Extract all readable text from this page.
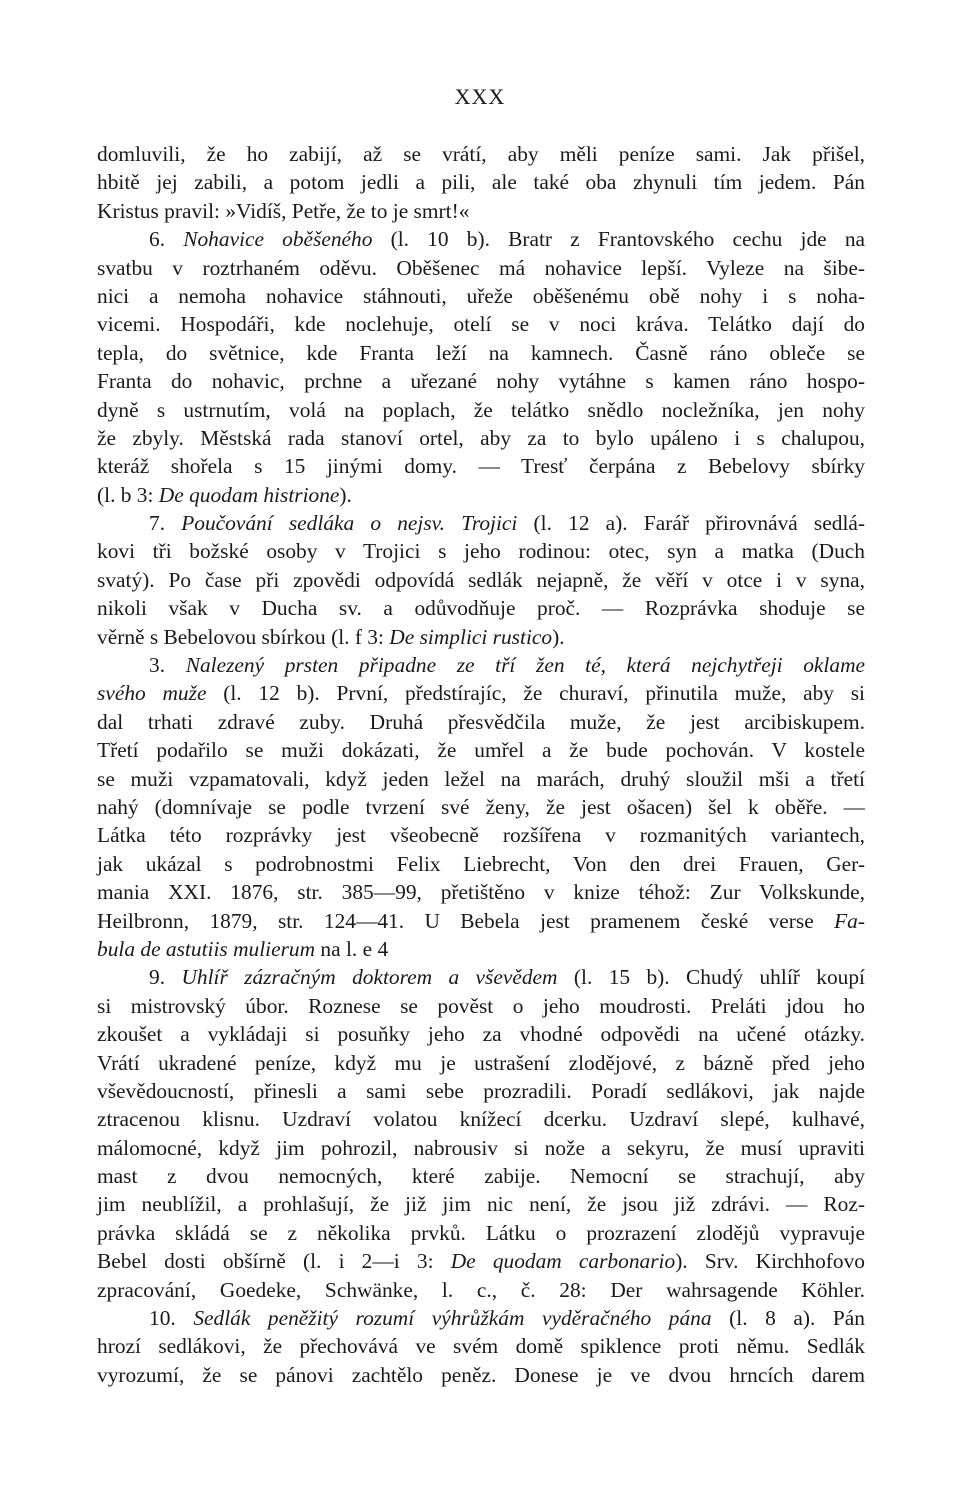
XXX
domluvili, že ho zabijí, až se vrátí, aby měli peníze sami. Jak přišel,
hbitě jej zabili, a potom jedli a pili, ale také oba zhynuli tím jedem. Pán
Kristus pravil: »Vidíš, Petře, že to je smrt!«
6. Nohavice oběšeného (l. 10 b). Bratr z Frantovského cechu jde na
svatbu v roztrhaném oděvu. Oběšenec má nohavice lepší. Vyleze na šibe-
nici a nemoha nohavice stáhnouti, uřeže oběšenému obě nohy i s noha-
vicemi. Hospodáři, kde noclehuje, otelí se v noci kráva. Telátko dají do
tepla, do světnice, kde Franta leží na kamnech. Časně ráno obleče se
Franta do nohavic, prchne a uřezané nohy vytáhne s kamen ráno hospo-
dyně s ustrnutím, volá na poplach, že telátko snědlo nocležníka, jen nohy
že zbyly. Městská rada stanoví ortel, aby za to bylo upáleno i s chalupou,
kteráž shořela s 15 jinými domy. — Tresť čerpána z Bebelovy sbírky
(l. b 3: De quodam histrione).
7. Poučování sedláka o nejsv. Trojici (l. 12 a). Farář přirovnává sedlá-
kovi tři božské osoby v Trojici s jeho rodinou: otec, syn a matka (Duch
svatý). Po čase při zpovědi odpovídá sedlák nejapně, že věří v otce i v syna,
nikoli však v Ducha sv. a odůvodňuje proč. — Rozprávka shoduje se
věrně s Bebelovou sbírkou (l. f 3: De simplici rustico).
3. Nalezený prsten připadne ze tří žen té, která nejchytřeji oklame
svého muže (l. 12 b). První, předstírajíc, že churaví, přinutila muže, aby si
dal trhati zdravé zuby. Druhá přesvědčila muže, že jest arcibiskupem.
Třetí podařilo se muži dokázati, že umřel a že bude pochován. V kostele
se muži vzpamatovali, když jeden ležel na marách, druhý sloužil mši a třetí
nahý (domnívaje se podle tvrzení své ženy, že jest ošacen) šel k oběře. —
Látka této rozprávky jest všeobecně rozšířena v rozmanitých variantech,
jak ukázal s podrobnostmi Felix Liebrecht, Von den drei Frauen, Ger-
mania XXI. 1876, str. 385—99, přetištěno v knize téhož: Zur Volkskunde,
Heilbronn, 1879, str. 124—41. U Bebela jest pramenem české verse Fa-
bula de astutiis mulierum na l. e 4
9. Uhlíř zázračným doktorem a vševědem (l. 15 b). Chudý uhlíř koupí
si mistrovský úbor. Roznese se pověst o jeho moudrosti. Preláti jdou ho
zkoušet a vykládaji si posuňky jeho za vhodné odpovědi na učené otázky.
Vrátí ukradené peníze, když mu je ustrašení zlodějové, z bázně před jeho
vševědoucností, přinesli a sami sebe prozradili. Poradí sedlákovi, jak najde
ztracenou klisnu. Uzdraví volatou knížecí dcerku. Uzdraví slepé, kulhavé,
málomocné, když jim pohrozil, nabrousiv si nože a sekyru, že musí upraviti
mast z dvou nemocných, které zabije. Nemocní se strachují, aby
jim neublížil, a prohlašují, že již jim nic není, že jsou již zdrávi. — Roz-
právka skládá se z několika prvků. Látku o prozrazení zlodějů vypravuje
Bebel dosti obšírně (l. i 2—i 3: De quodam carbonario). Srv. Kirchhofovo
zpracování, Goedeke, Schwänke, l. c., č. 28: Der wahrsagende Köhler.
10. Sedlák peněžitý rozumí výhrůžkám vyděračného pána (l. 8 a). Pán
hrozí sedlákovi, že přechovává ve svém domě spiklence proti němu. Sedlák
vyrozumí, že se pánovi zachtělo peněz. Donese je ve dvou hrncích darem
